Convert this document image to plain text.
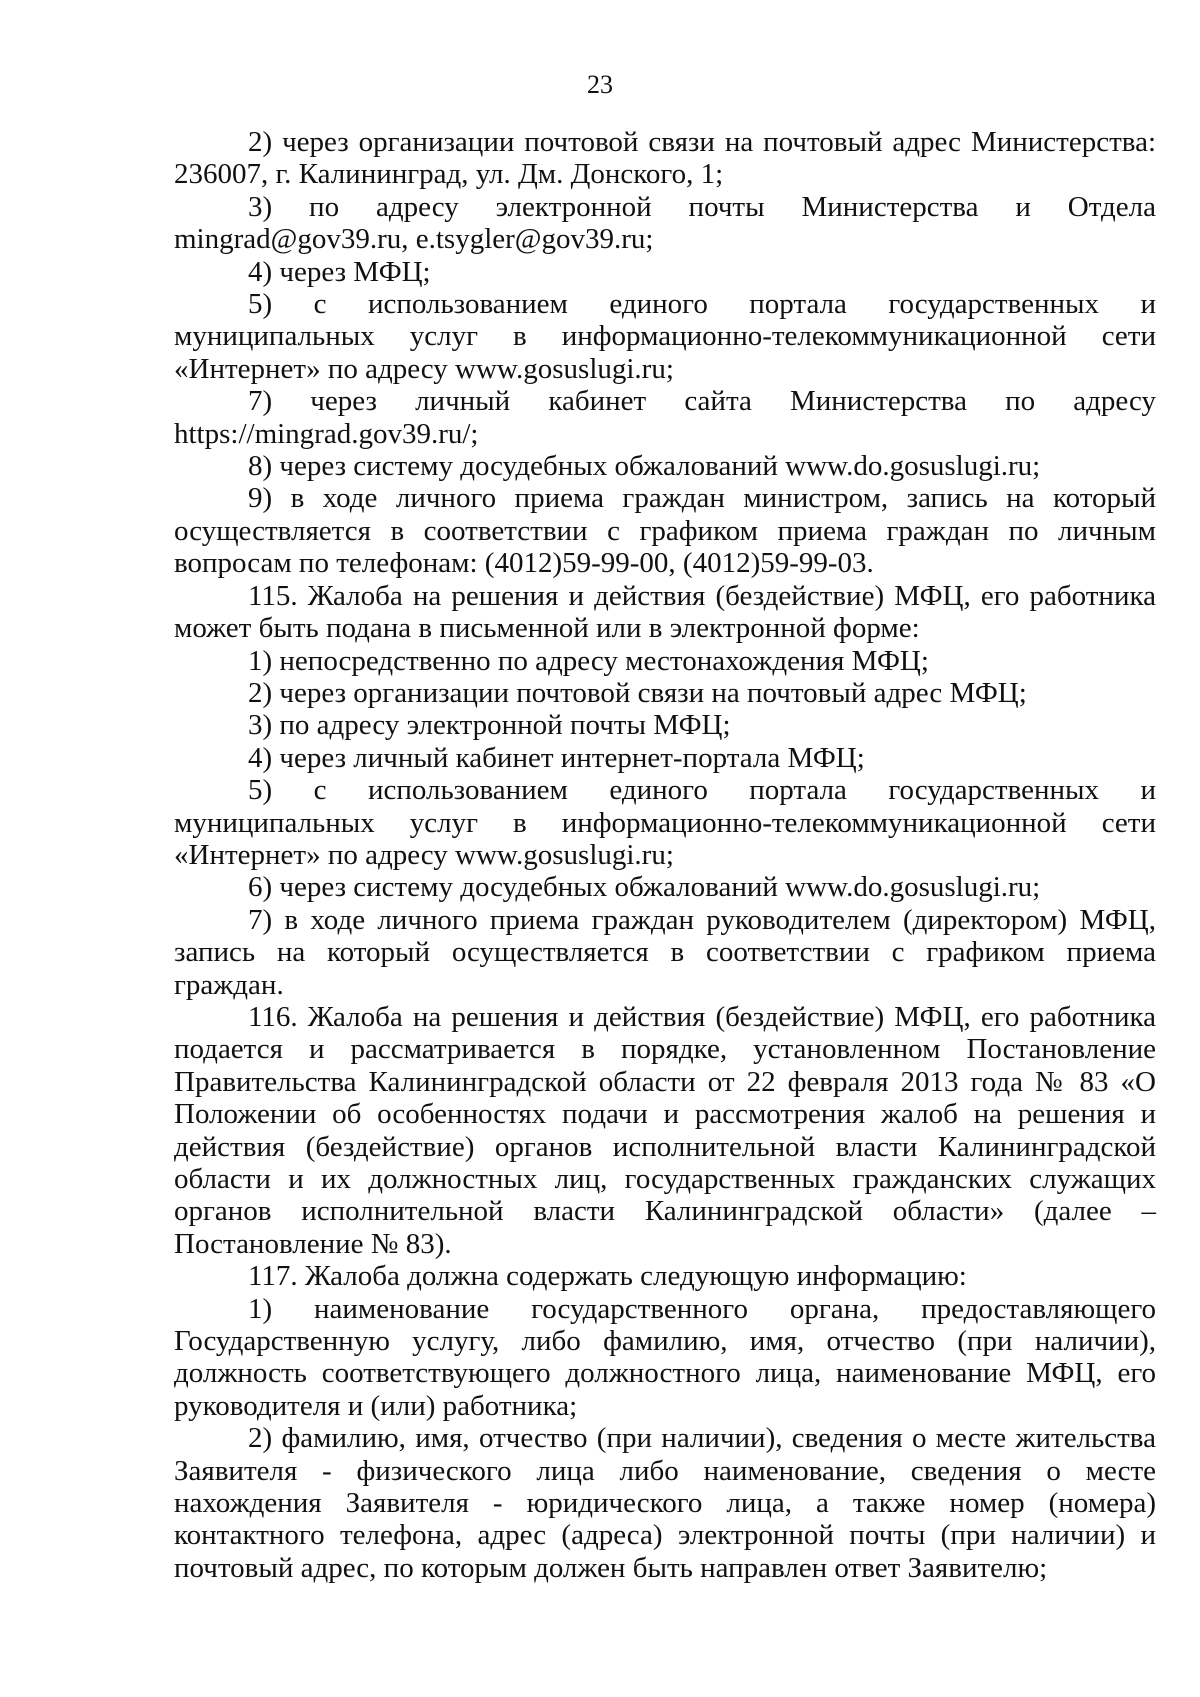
23

2) через организации почтовой связи на почтовый адрес Министерства: 236007, г. Калининград, ул. Дм. Донского, 1;

3) по адресу электронной почты Министерства и Отдела mingrad@gov39.ru, e.tsygler@gov39.ru;

4) через МФЦ;

5) с использованием единого портала государственных и муниципальных услуг в информационно-телекоммуникационной сети «Интернет» по адресу www.gosuslugi.ru;

7) через личный кабинет сайта Министерства по адресу https://mingrad.gov39.ru/;

8) через систему досудебных обжалований www.do.gosuslugi.ru;

9) в ходе личного приема граждан министром, запись на который осуществляется в соответствии с графиком приема граждан по личным вопросам по телефонам: (4012)59-99-00, (4012)59-99-03.

115. Жалоба на решения и действия (бездействие) МФЦ, его работника может быть подана в письменной или в электронной форме:

1) непосредственно по адресу местонахождения МФЦ;

2) через организации почтовой связи на почтовый адрес МФЦ;

3) по адресу электронной почты МФЦ;

4) через личный кабинет интернет-портала МФЦ;

5) с использованием единого портала государственных и муниципальных услуг в информационно-телекоммуникационной сети «Интернет» по адресу www.gosuslugi.ru;

6) через систему досудебных обжалований www.do.gosuslugi.ru;

7) в ходе личного приема граждан руководителем (директором) МФЦ, запись на который осуществляется в соответствии с графиком приема граждан.

116. Жалоба на решения и действия (бездействие) МФЦ, его работника подается и рассматривается в порядке, установленном Постановление Правительства Калининградской области от 22 февраля 2013 года № 83 «О Положении об особенностях подачи и рассмотрения жалоб на решения и действия (бездействие) органов исполнительной власти Калининградской области и их должностных лиц, государственных гражданских служащих органов исполнительной власти Калининградской области» (далее – Постановление № 83).

117. Жалоба должна содержать следующую информацию:

1) наименование государственного органа, предоставляющего Государственную услугу, либо фамилию, имя, отчество (при наличии), должность соответствующего должностного лица, наименование МФЦ, его руководителя и (или) работника;

2) фамилию, имя, отчество (при наличии), сведения о месте жительства Заявителя - физического лица либо наименование, сведения о месте нахождения Заявителя - юридического лица, а также номер (номера) контактного телефона, адрес (адреса) электронной почты (при наличии) и почтовый адрес, по которым должен быть направлен ответ Заявителю;
